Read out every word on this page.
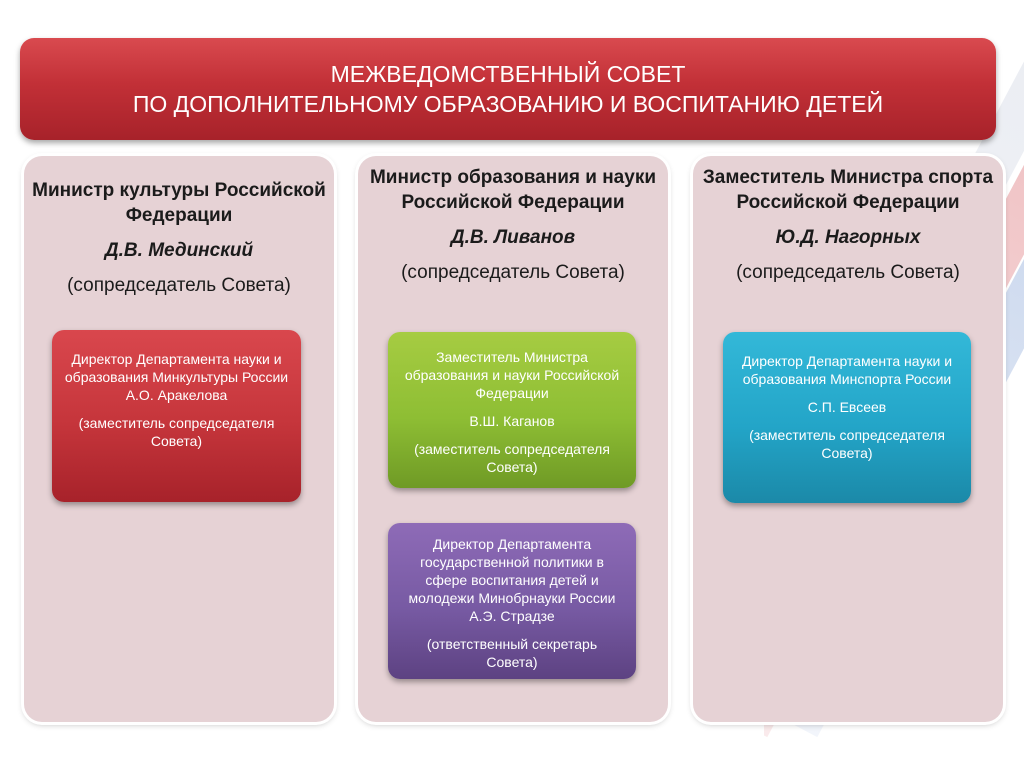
МЕЖВЕДОМСТВЕННЫЙ СОВЕТ
ПО ДОПОЛНИТЕЛЬНОМУ ОБРАЗОВАНИЮ И ВОСПИТАНИЮ ДЕТЕЙ

Министр культуры Российской Федерации

Д.В. Мединский

(сопредседатель Совета)

Директор Департамента науки и образования Минкультуры России

А.О. Аракелова

(заместитель сопредседателя Совета)

Министр образования и науки Российской Федерации

Д.В. Ливанов

(сопредседатель Совета)

Заместитель Министра образования и науки Российской Федерации

В.Ш. Каганов

(заместитель сопредседателя Совета)

Директор Департамента государственной политики в сфере воспитания детей и молодежи Минобрнауки России А.Э. Страдзе

(ответственный секретарь Совета)

Заместитель Министра спорта Российской Федерации

Ю.Д. Нагорных

(сопредседатель Совета)

Директор Департамента науки и образования Минспорта России

С.П. Евсеев

(заместитель сопредседателя Совета)
